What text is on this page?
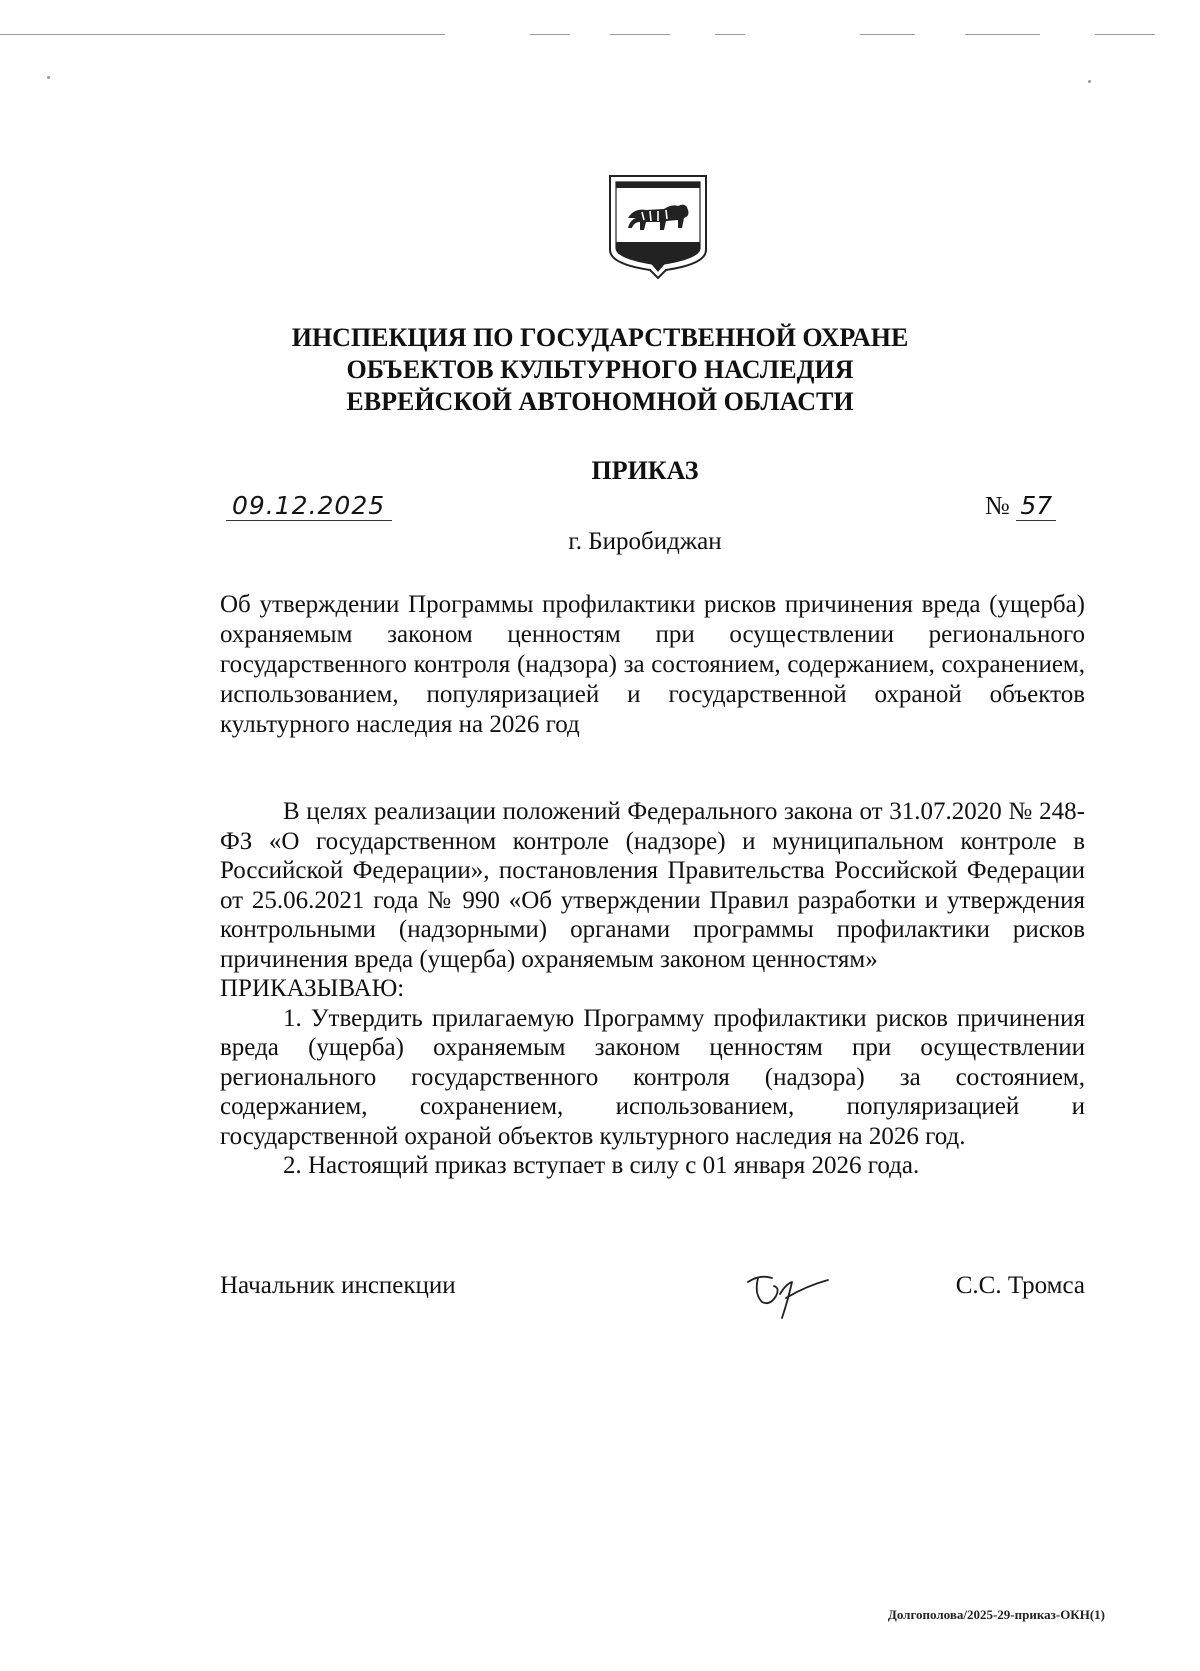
ИНСПЕКЦИЯ ПО ГОСУДАРСТВЕННОЙ ОХРАНЕ
ОБЪЕКТОВ КУЛЬТУРНОГО НАСЛЕДИЯ
ЕВРЕЙСКОЙ АВТОНОМНОЙ ОБЛАСТИ
ПРИКАЗ
09.12.2025	№ 57
г. Биробиджан
Об утверждении Программы профилактики рисков причинения вреда (ущерба) охраняемым законом ценностям при осуществлении регионального государственного контроля (надзора) за состоянием, содержанием, сохранением, использованием, популяризацией и государственной охраной объектов культурного наследия на 2026 год

В целях реализации положений Федерального закона от 31.07.2020 № 248-ФЗ «О государственном контроле (надзоре) и муниципальном контроле в Российской Федерации», постановления Правительства Российской Федерации от 25.06.2021 года № 990 «Об утверждении Правил разработки и утверждения контрольными (надзорными) органами программы профилактики рисков причинения вреда (ущерба) охраняемым законом ценностям»

ПРИКАЗЫВАЮ:

1. Утвердить прилагаемую Программу профилактики рисков причинения вреда (ущерба) охраняемым законом ценностям при осуществлении регионального государственного контроля (надзора) за состоянием, содержанием, сохранением, использованием, популяризацией и государственной охраной объектов культурного наследия на 2026 год.

2. Настоящий приказ вступает в силу с 01 января 2026 года.

Начальник инспекции	С.С. Тромса
Долгополова/2025-29-приказ-ОКН(1)
